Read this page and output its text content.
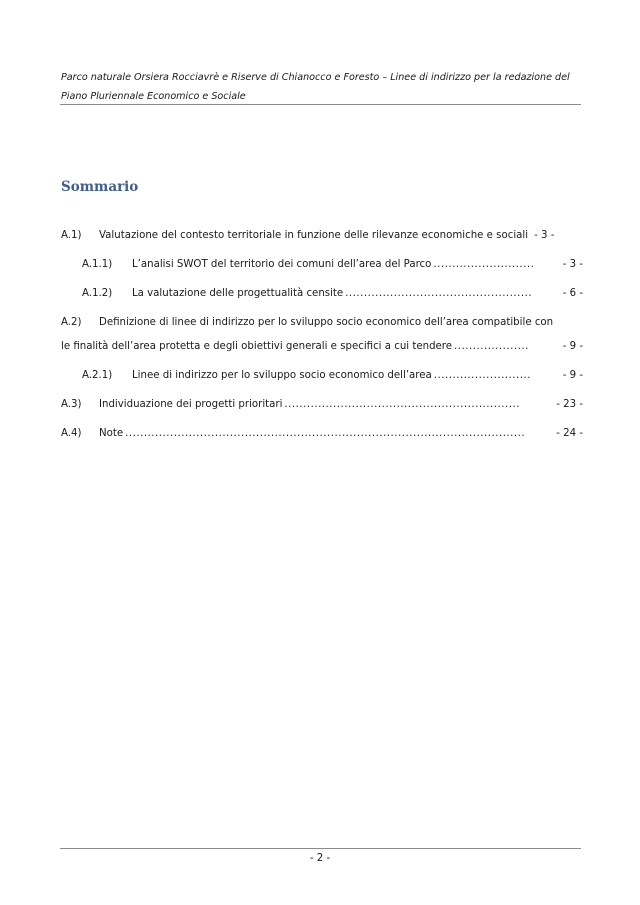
Parco naturale Orsiera Rocciavrè e Riserve di Chianocco e Foresto – Linee di indirizzo per la redazione del
Piano Pluriennale Economico e Sociale
Sommario
A.1)	Valutazione del contesto territoriale in funzione delle rilevanze economiche e sociali - 3 -
A.1.1)	L’analisi SWOT del territorio dei comuni dell’area del Parco ...........................	- 3 -
A.1.2)	La valutazione delle progettualità censite ..................................................	- 6 -
A.2)	Definizione di linee di indirizzo per lo sviluppo socio economico dell’area compatibile con
le finalità dell’area protetta e degli obiettivi generali e specifici a cui tendere ....................	- 9 -
A.2.1)	Linee di indirizzo per lo sviluppo socio economico dell’area ..........................	- 9 -
A.3)	Individuazione dei progetti prioritari ...............................................................	- 23 -
A.4)	Note ...........................................................................................................	- 24 -
- 2 -
